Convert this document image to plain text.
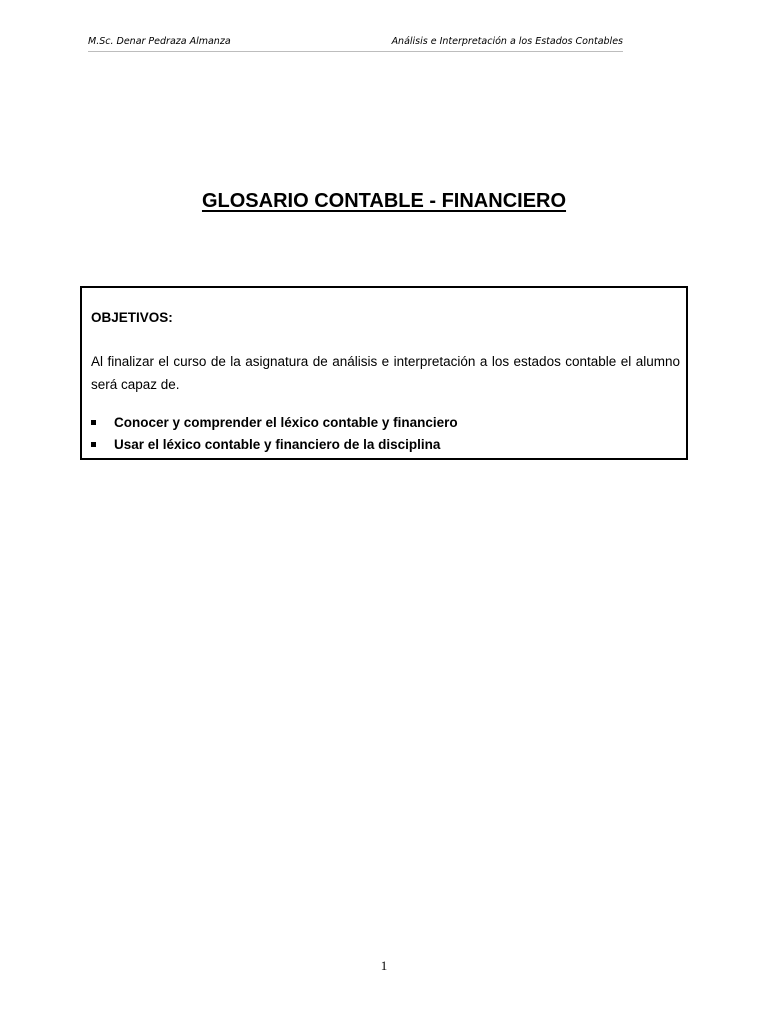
M.Sc. Denar Pedraza Almanza	Análisis e Interpretación a los Estados Contables
GLOSARIO CONTABLE - FINANCIERO
OBJETIVOS:
Al finalizar el curso de la asignatura de análisis e interpretación a los estados contable el alumno será capaz de.
Conocer y comprender el léxico contable y financiero
Usar el léxico contable y financiero de la disciplina
1
